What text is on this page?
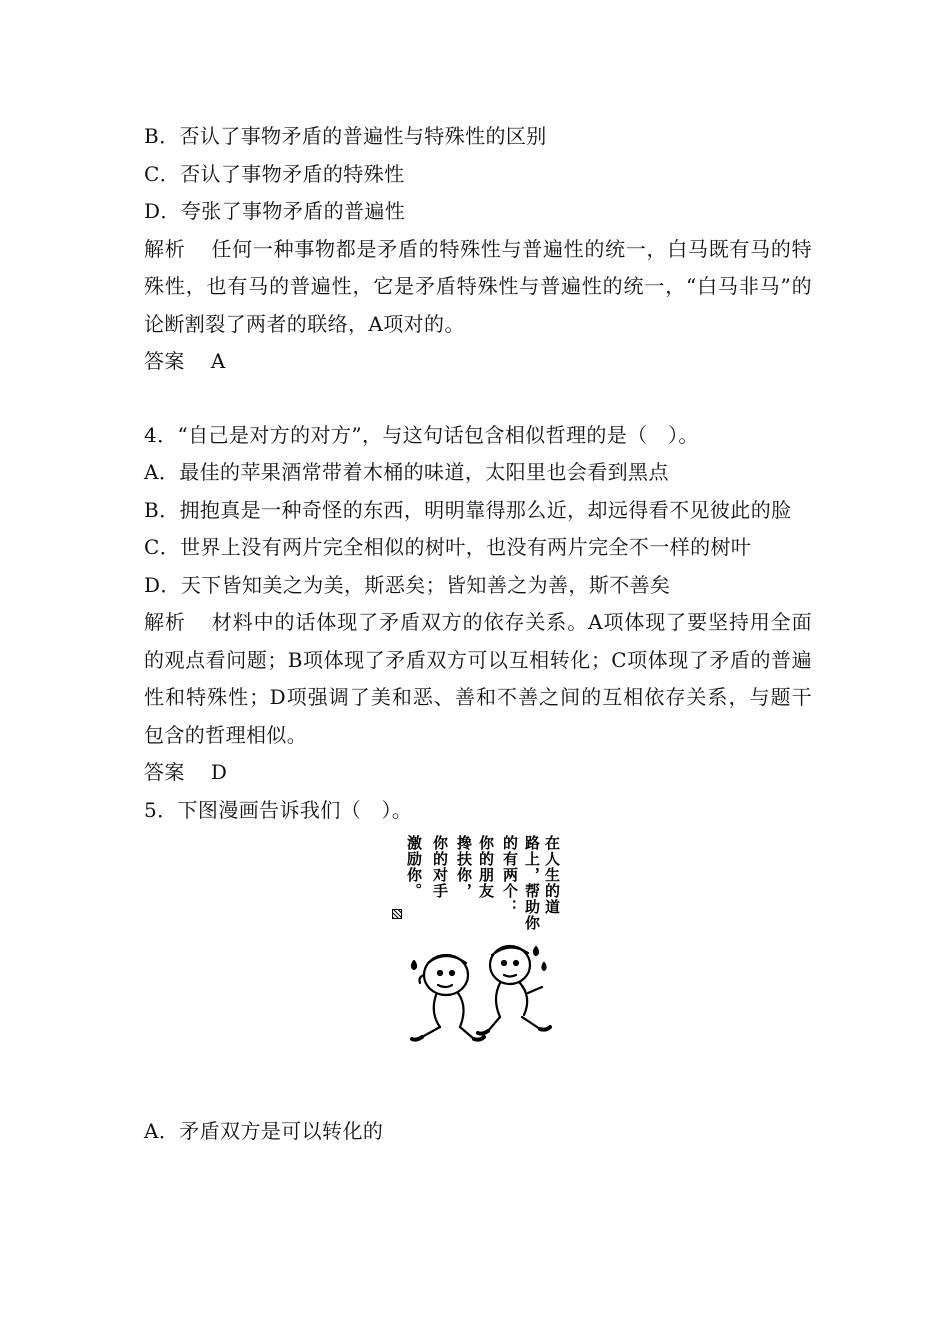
B．否认了事物矛盾的普遍性与特殊性的区别
C．否认了事物矛盾的特殊性
D．夸张了事物矛盾的普遍性
解析 任何一种事物都是矛盾的特殊性与普遍性的统一，白马既有马的特殊性，也有马的普遍性，它是矛盾特殊性与普遍性的统一，“白马非马”的论断割裂了两者的联络，A项对的。
答案 A
4．“自己是对方的对方”，与这句话包含相似哲理的是（　）。
A．最佳的苹果酒常带着木桶的味道，太阳里也会看到黑点
B．拥抱真是一种奇怪的东西，明明靠得那么近，却远得看不见彼此的脸
C．世界上没有两片完全相似的树叶，也没有两片完全不一样的树叶
D．天下皆知美之为美，斯恶矣；皆知善之为善，斯不善矣
解析 材料中的话体现了矛盾双方的依存关系。A项体现了要坚持用全面的观点看问题；B项体现了矛盾双方可以互相转化；C项体现了矛盾的普遍性和特殊性；D项强调了美和恶、善和不善之间的互相依存关系，与题干包含的哲理相似。
答案 D
5．下图漫画告诉我们（　）。
在人生的道
路上，帮助你
的有两个：
你的朋友
搀扶你，
你的对手
激励你。
A．矛盾双方是可以转化的
